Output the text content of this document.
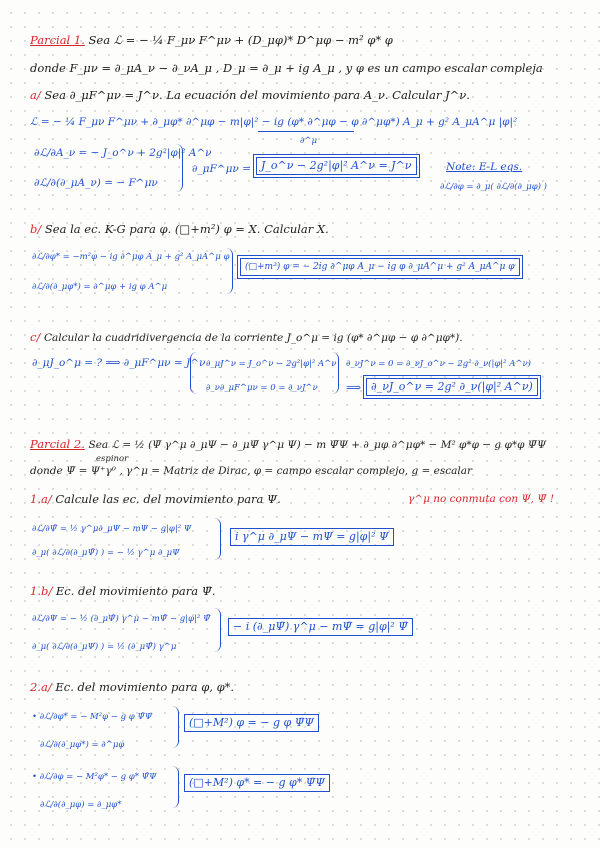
Parcial 1. Sea ℒ = − ¼ F_μν F^μν + (D_μφ)* D^μφ − m² φ* φ
donde F_μν = ∂_μA_ν − ∂_νA_μ , D_μ = ∂_μ + ig A_μ , y φ es un campo escalar compleja
a/ Sea ∂_μF^μν = J^ν. La ecuación del movimiento para A_ν. Calcular J^ν.
ℒ = − ¼ F_μν F^μν + ∂_μφ* ∂^μφ − m|φ|² − ig (φ* ∂^μφ − φ ∂^μφ*) A_μ + g² A_μA^μ |φ|²
∂^μ
∂ℒ/∂A_ν = − J_o^ν + 2g²|φ|² A^ν
∂ℒ/∂(∂_μA_ν) = − F^μν
∂_μF^μν = J_o^ν − 2g²|φ|² A^ν = J^ν	Note: E-L eqs.
∂ℒ/∂φ = ∂_μ( ∂ℒ/∂(∂_μφ) )
b/ Sea la ec. K-G para φ. (□+m²) φ = X. Calcular X.
∂ℒ/∂φ* = −m²φ − ig ∂^μφ A_μ + g² A_μA^μ φ
∂ℒ/∂(∂_μφ*) = ∂^μφ + ig φ A^μ
(□+m²) φ = − 2ig ∂^μφ A_μ − ig φ ∂_μA^μ + g² A_μA^μ φ
c/ Calcular la cuadridivergencia de la corriente J_o^μ = ig (φ* ∂^μφ − φ ∂^μφ*).
∂_μJ_o^μ = ? ⟹ ∂_μF^μν = J^ν ∂_μJ^ν = J_o^ν − 2g²|φ|² A^ν
∂_ν∂_μF^μν = 0 = ∂_νJ^ν
∂_νJ^ν = 0 = ∂_νJ_o^ν − 2g² ∂_ν(|φ|² A^ν)
⟹ ∂_νJ_o^ν = 2g² ∂_ν(|φ|² A^ν)
Parcial 2. Sea ℒ = ½ (Ψ̄ γ^μ ∂_μΨ − ∂_μΨ̄ γ^μ Ψ) − m Ψ̄Ψ + ∂_μφ ∂^μφ* − M² φ*φ − g φ*φ Ψ̄Ψ
espinor
donde Ψ̄ = Ψ⁺γ⁰ , γ^μ = Matriz de Dirac, φ = campo escalar complejo, g = escalar
1.a/ Calcule las ec. del movimiento para Ψ.	γ^μ no conmuta con Ψ, Ψ̄ !
∂ℒ/∂Ψ̄ = ½ γ^μ∂_μΨ − mΨ − g|φ|² Ψ
∂_μ( ∂ℒ/∂(∂_μΨ̄) ) = − ½ γ^μ ∂_μΨ
i γ^μ ∂_μΨ − mΨ = g|φ|² Ψ
1.b/ Ec. del movimiento para Ψ̄.
∂ℒ/∂Ψ = − ½ (∂_μΨ̄) γ^μ − mΨ̄ − g|φ|² Ψ̄
∂_μ( ∂ℒ/∂(∂_μΨ) ) = ½ (∂_μΨ̄) γ^μ
− i (∂_μΨ̄) γ^μ − mΨ̄ = g|φ|² Ψ̄
2.a/ Ec. del movimiento para φ, φ*.
• ∂ℒ/∂φ* = − M²φ − g φ Ψ̄Ψ
∂ℒ/∂(∂_μφ*) = ∂^μφ
(□+M²) φ = − g φ Ψ̄Ψ
• ∂ℒ/∂φ = − M²φ* − g φ* Ψ̄Ψ
∂ℒ/∂(∂_μφ) = ∂_μφ*
(□+M²) φ* = − g φ* Ψ̄Ψ
